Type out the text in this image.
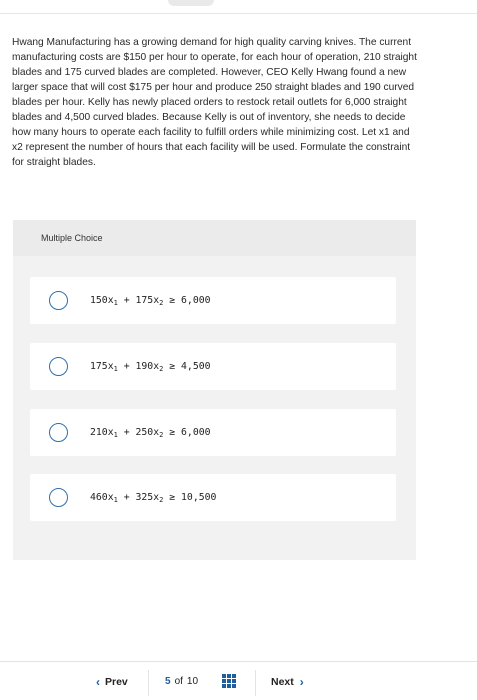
Hwang Manufacturing has a growing demand for high quality carving knives. The current manufacturing costs are $150 per hour to operate, for each hour of operation, 210 straight blades and 175 curved blades are completed. However, CEO Kelly Hwang found a new larger space that will cost $175 per hour and produce 250 straight blades and 190 curved blades per hour. Kelly has newly placed orders to restock retail outlets for 6,000 straight blades and 4,500 curved blades. Because Kelly is out of inventory, she needs to decide how many hours to operate each facility to fulfill orders while minimizing cost. Let x1 and x2 represent the number of hours that each facility will be used. Formulate the constraint for straight blades.

Multiple Choice
$150x_1 + 175x_2 \ge 6,000$
$175x_1 + 190x_2 \ge 4,500$
$210x_1 + 250x_2 \ge 6,000$
$460x_1 + 325x_2 \ge 10,500$
‹ Prev	5 of 10	Next ›
